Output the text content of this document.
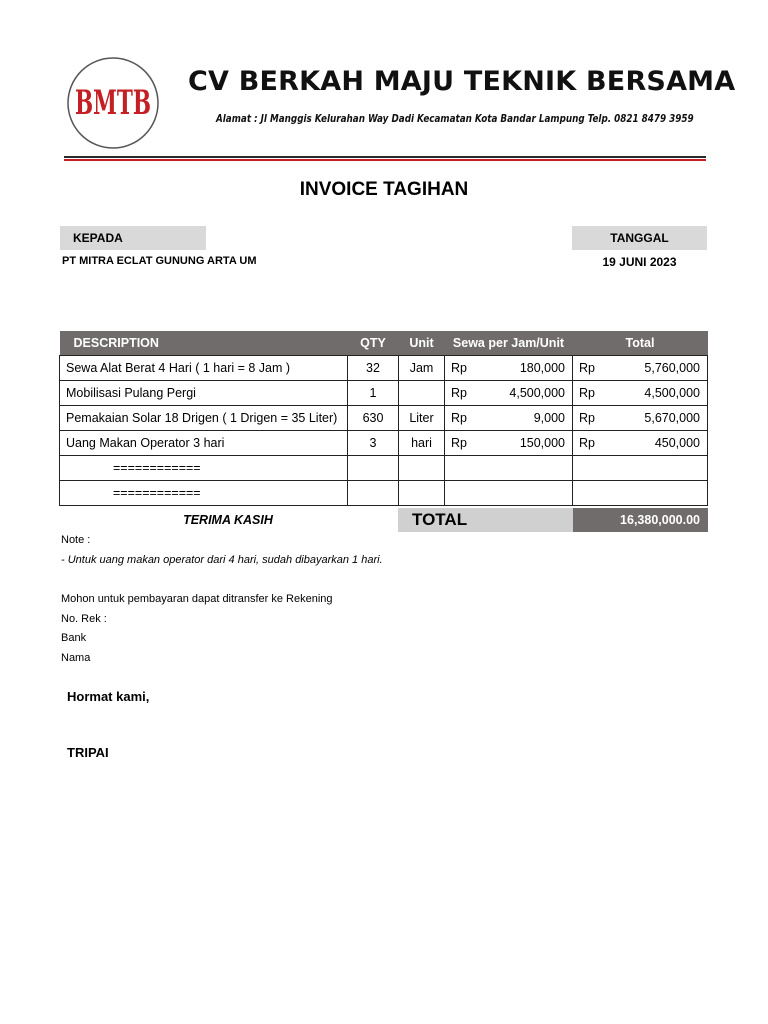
BMTB
CV BERKAH MAJU TEKNIK BERSAMA
Alamat : Jl Manggis Kelurahan Way Dadi Kecamatan Kota Bandar Lampung Telp. 0821 8479 3959
INVOICE TAGIHAN
KEPADA	TANGGAL
PT MITRA ECLAT GUNUNG ARTA UM	19 JUNI 2023
DESCRIPTION	QTY	Unit	Sewa per Jam/Unit		Total	
Sewa Alat Berat 4 Hari ( 1 hari = 8 Jam )	32	Jam	Rp	180,000	Rp	5,760,000
Mobilisasi Pulang Pergi	1		Rp	4,500,000	Rp	4,500,000
Pemakaian Solar 18 Drigen ( 1 Drigen = 35 Liter)	630	Liter	Rp	9,000	Rp	5,670,000
Uang Makan Operator 3 hari	3	hari	Rp	150,000	Rp	450,000
============						
============						
TERIMA KASIH	TOTAL	16,380,000.00
Note :
- Untuk uang makan operator dari 4 hari, sudah dibayarkan 1 hari.
Mohon untuk pembayaran dapat ditransfer ke Rekening
No. Rek :
Bank
Nama
Hormat kami,
TRIPAI
